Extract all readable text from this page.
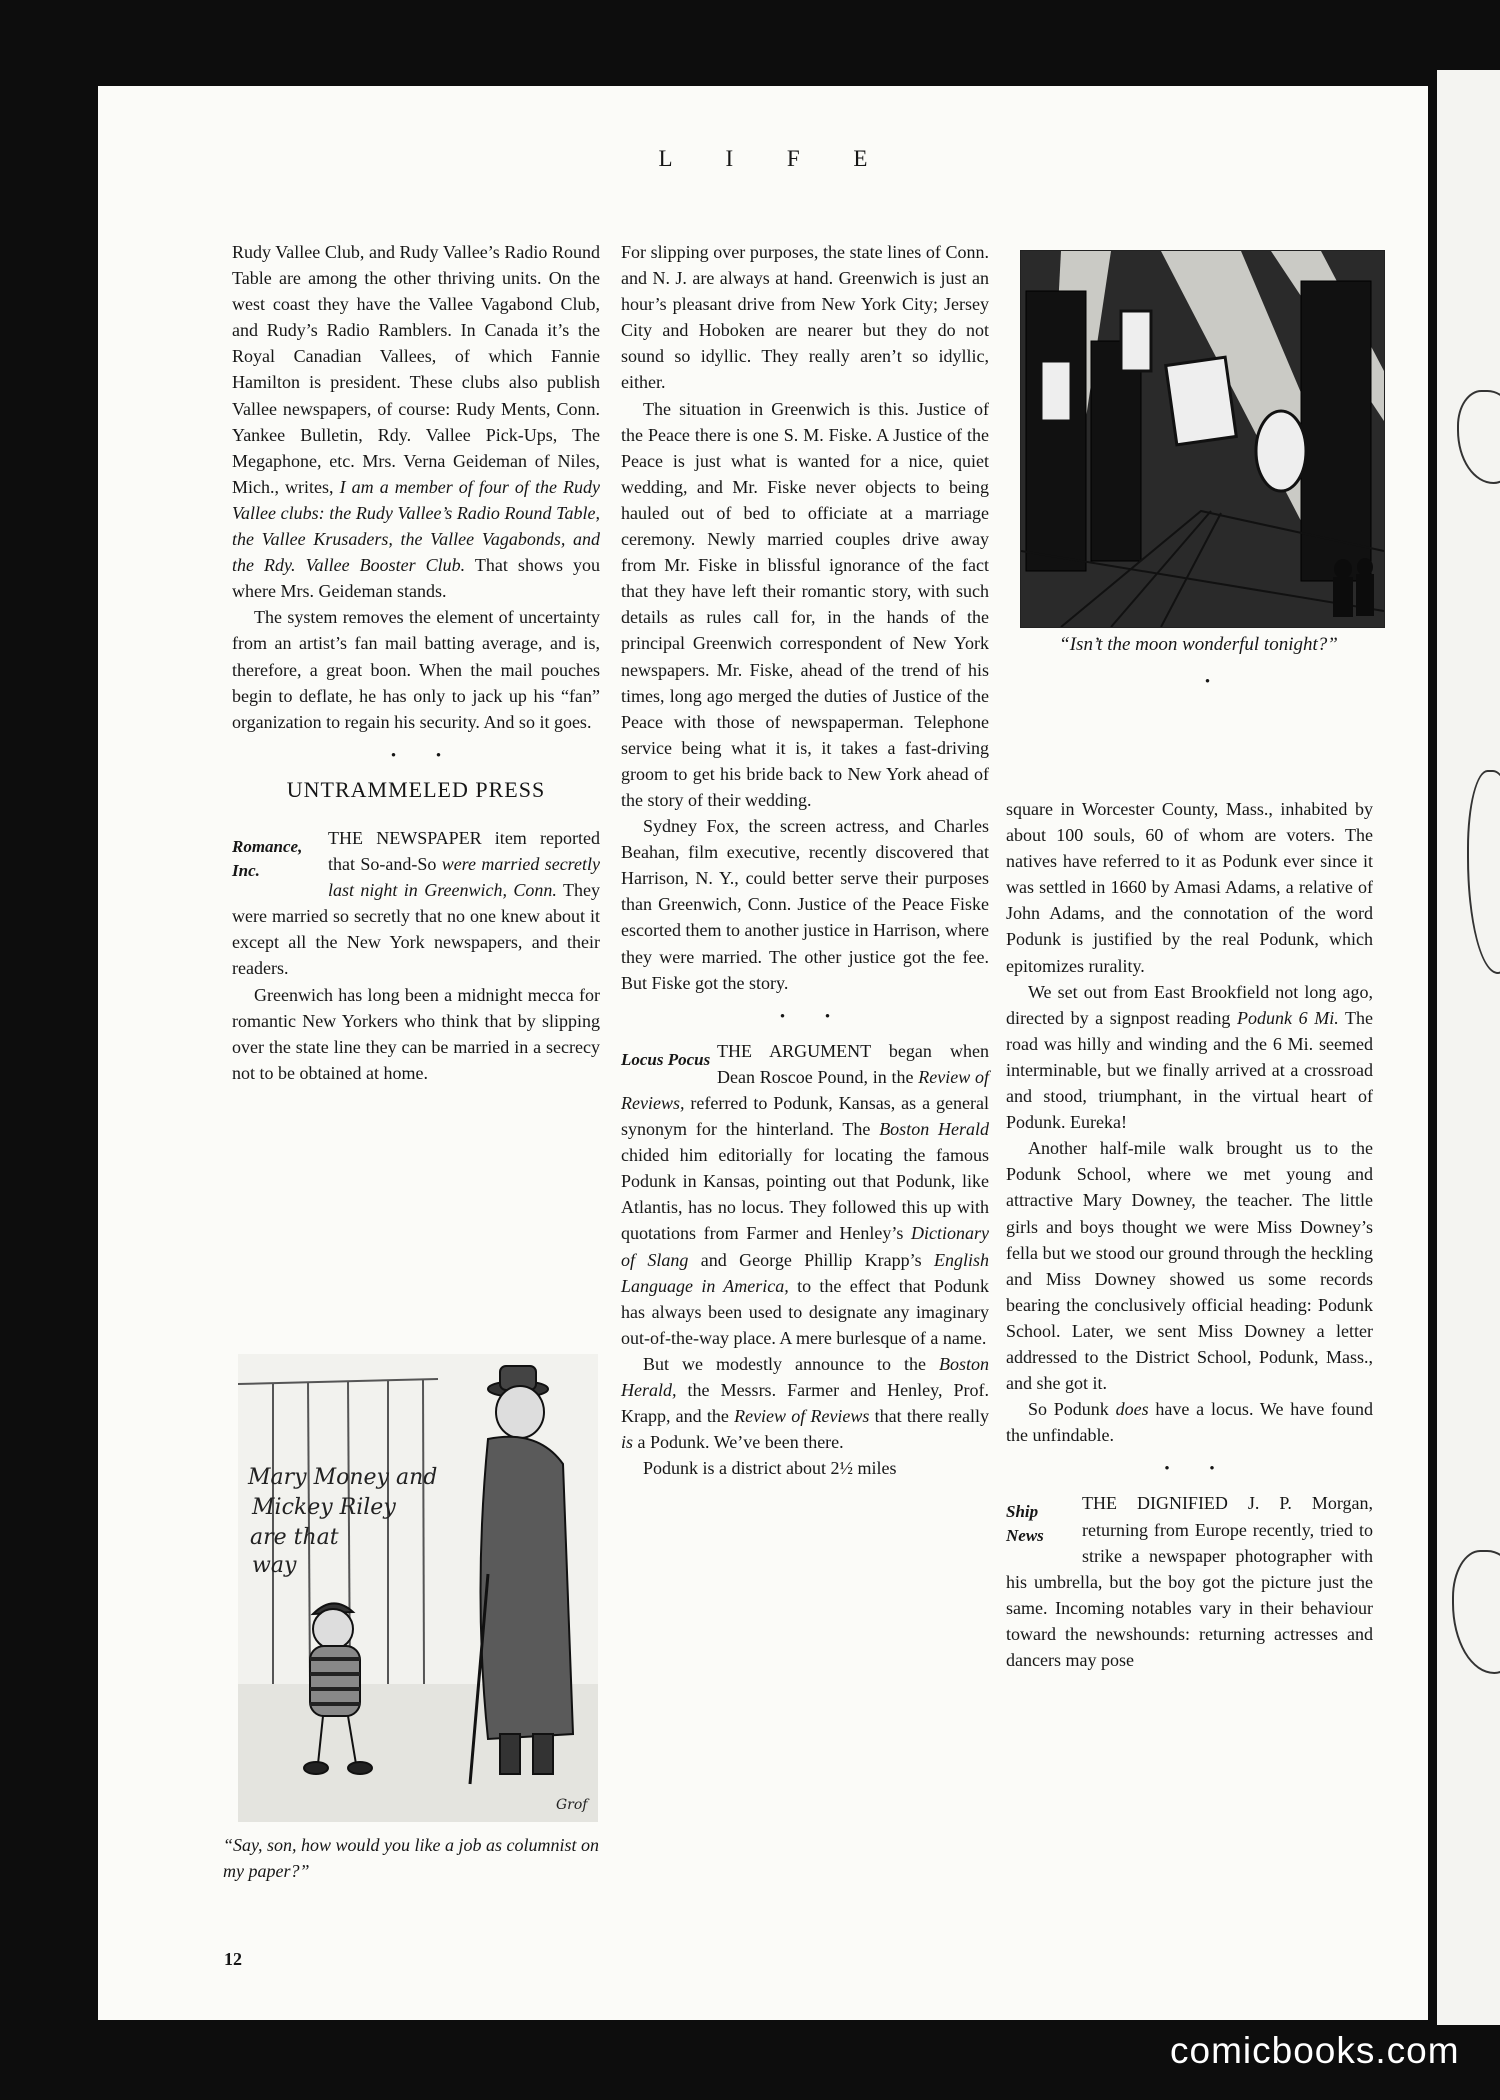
L I F E

Rudy Vallee Club, and Rudy Vallee’s Radio Round Table are among the other thriving units. On the west coast they have the Vallee Vagabond Club, and Rudy’s Radio Ramblers. In Canada it’s the Royal Canadian Vallees, of which Fannie Hamilton is president. These clubs also publish Vallee newspapers, of course: Rudy Ments, Conn. Yankee Bulletin, Rdy. Vallee Pick-Ups, The Megaphone, etc. Mrs. Verna Geideman of Niles, Mich., writes, I am a member of four of the Rudy Vallee clubs: the Rudy Vallee’s Radio Round Table, the Vallee Krusaders, the Vallee Vagabonds, and the Rdy. Vallee Booster Club. That shows you where Mrs. Geideman stands.

The system removes the element of uncertainty from an artist’s fan mail batting average, and is, therefore, a great boon. When the mail pouches begin to deflate, he has only to jack up his “fan” organization to regain his security. And so it goes.

• •
UNTRAMMELED PRESS
Romance, Inc.

THE NEWSPAPER item reported that So-and-So were married secretly last night in Greenwich, Conn. They were married so secretly that no one knew about it except all the New York newspapers, and their readers.

Greenwich has long been a midnight mecca for romantic New Yorkers who think that by slipping over the state line they can be married in a secrecy not to be obtained at home.

Mary Money and
Mickey Riley
are that
way
Grof
“Say, son, how would you like a job as columnist on my paper?”

For slipping over purposes, the state lines of Conn. and N. J. are always at hand. Greenwich is just an hour’s pleasant drive from New York City; Jersey City and Hoboken are nearer but they do not sound so idyllic. They really aren’t so idyllic, either.

The situation in Greenwich is this. Justice of the Peace there is one S. M. Fiske. A Justice of the Peace is just what is wanted for a nice, quiet wedding, and Mr. Fiske never objects to being hauled out of bed to officiate at a marriage ceremony. Newly married couples drive away from Mr. Fiske in blissful ignorance of the fact that they have left their romantic story, with such details as rules call for, in the hands of the principal Greenwich correspondent of New York newspapers. Mr. Fiske, ahead of the trend of his times, long ago merged the duties of Justice of the Peace with those of newspaperman. Telephone service being what it is, it takes a fast-driving groom to get his bride back to New York ahead of the story of their wedding.

Sydney Fox, the screen actress, and Charles Beahan, film executive, recently discovered that Harrison, N. Y., could better serve their purposes than Greenwich, Conn. Justice of the Peace Fiske escorted them to another justice in Harrison, where they were married. The other justice got the fee. But Fiske got the story.

• •
Locus Pocus THE ARGUMENT began when Dean Roscoe Pound, in the Review of Reviews, referred to Podunk, Kansas, as a general synonym for the hinterland. The Boston Herald chided him editorially for locating the famous Podunk in Kansas, pointing out that Podunk, like Atlantis, has no locus. They followed this up with quotations from Farmer and Henley’s Dictionary of Slang and George Phillip Krapp’s English Language in America, to the effect that Podunk has always been used to designate any imaginary out-of-the-way place. A mere burlesque of a name.

But we modestly announce to the Boston Herald, the Messrs. Farmer and Henley, Prof. Krapp, and the Review of Reviews that there really is a Podunk. We’ve been there.

Podunk is a district about 2½ miles

“Isn’t the moon wonderful tonight?”
•

square in Worcester County, Mass., inhabited by about 100 souls, 60 of whom are voters. The natives have referred to it as Podunk ever since it was settled in 1660 by Amasi Adams, a relative of John Adams, and the connotation of the word Podunk is justified by the real Podunk, which epitomizes rurality.

We set out from East Brookfield not long ago, directed by a signpost reading Podunk 6 Mi. The road was hilly and winding and the 6 Mi. seemed interminable, but we finally arrived at a crossroad and stood, triumphant, in the virtual heart of Podunk. Eureka!

Another half-mile walk brought us to the Podunk School, where we met young and attractive Mary Downey, the teacher. The little girls and boys thought we were Miss Downey’s fella but we stood our ground through the heckling and Miss Downey showed us some records bearing the conclusively official heading: Podunk School. Later, we sent Miss Downey a letter addressed to the District School, Podunk, Mass., and she got it.

So Podunk does have a locus. We have found the unfindable.

• •
Ship News

THE DIGNIFIED J. P. Morgan, returning from Europe recently, tried to strike a newspaper photographer with his umbrella, but the boy got the picture just the same. Incoming notables vary in their behaviour toward the newshounds: returning actresses and dancers may pose

12
comicbooks.com
